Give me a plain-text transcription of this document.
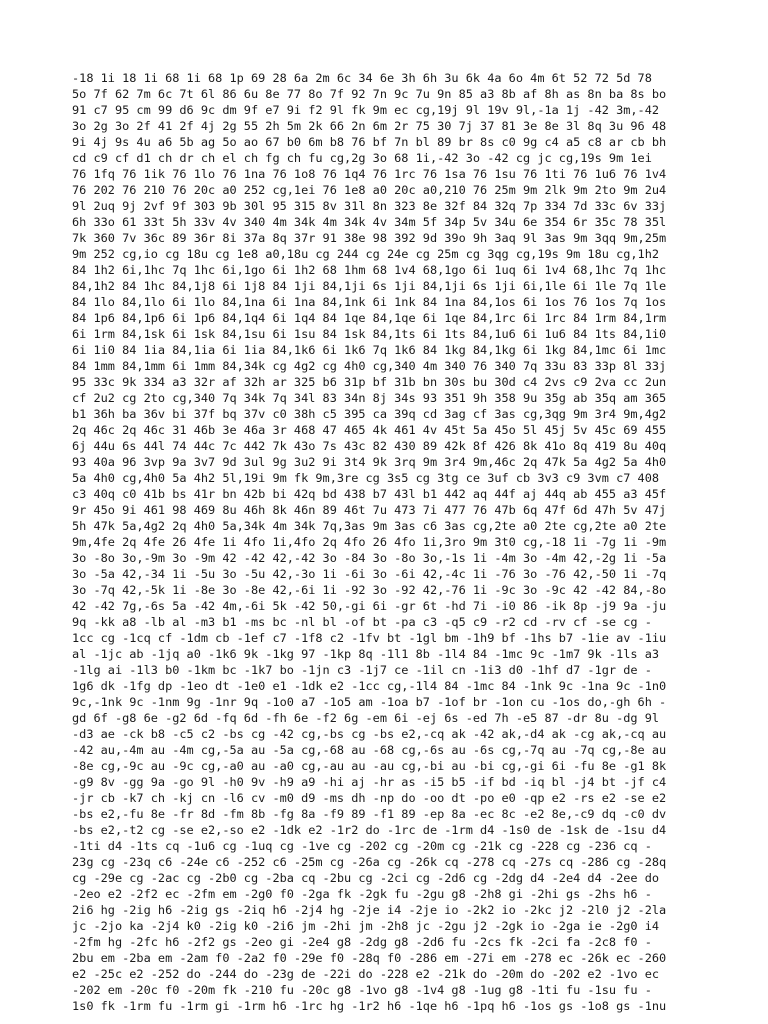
-18 1i 18 1i 68 1i 68 1p 69 28 6a 2m 6c 34 6e 3h 6h 3u 6k 4a 6o 4m 6t 52 72 5d 78
5o 7f 62 7m 6c 7t 6l 86 6u 8e 77 8o 7f 92 7n 9c 7u 9n 85 a3 8b af 8h as 8n ba 8s bo
91 c7 95 cm 99 d6 9c dm 9f e7 9i f2 9l fk 9m ec cg,19j 9l 19v 9l,-1a 1j -42 3m,-42
3o 2g 3o 2f 41 2f 4j 2g 55 2h 5m 2k 66 2n 6m 2r 75 30 7j 37 81 3e 8e 3l 8q 3u 96 48
9i 4j 9s 4u a6 5b ag 5o ao 67 b0 6m b8 76 bf 7n bl 89 br 8s c0 9g c4 a5 c8 ar cb bh
cd c9 cf d1 ch dr ch el ch fg ch fu cg,2g 3o 68 1i,-42 3o -42 cg jc cg,19s 9m 1ei
76 1fq 76 1ik 76 1lo 76 1na 76 1o8 76 1q4 76 1rc 76 1sa 76 1su 76 1ti 76 1u6 76 1v4
76 202 76 210 76 20c a0 252 cg,1ei 76 1e8 a0 20c a0,210 76 25m 9m 2lk 9m 2to 9m 2u4
9l 2uq 9j 2vf 9f 303 9b 30l 95 315 8v 31l 8n 323 8e 32f 84 32q 7p 334 7d 33c 6v 33j
6h 33o 61 33t 5h 33v 4v 340 4m 34k 4m 34k 4v 34m 5f 34p 5v 34u 6e 354 6r 35c 78 35l
7k 360 7v 36c 89 36r 8i 37a 8q 37r 91 38e 98 392 9d 39o 9h 3aq 9l 3as 9m 3qq 9m,25m
9m 252 cg,io cg 18u cg 1e8 a0,18u cg 244 cg 24e cg 25m cg 3qg cg,19s 9m 18u cg,1h2
84 1h2 6i,1hc 7q 1hc 6i,1go 6i 1h2 68 1hm 68 1v4 68,1go 6i 1uq 6i 1v4 68,1hc 7q 1hc
84,1h2 84 1hc 84,1j8 6i 1j8 84 1ji 84,1ji 6s 1ji 84,1ji 6s 1ji 6i,1le 6i 1le 7q 1le
84 1lo 84,1lo 6i 1lo 84,1na 6i 1na 84,1nk 6i 1nk 84 1na 84,1os 6i 1os 76 1os 7q 1os
84 1p6 84,1p6 6i 1p6 84,1q4 6i 1q4 84 1qe 84,1qe 6i 1qe 84,1rc 6i 1rc 84 1rm 84,1rm
6i 1rm 84,1sk 6i 1sk 84,1su 6i 1su 84 1sk 84,1ts 6i 1ts 84,1u6 6i 1u6 84 1ts 84,1i0
6i 1i0 84 1ia 84,1ia 6i 1ia 84,1k6 6i 1k6 7q 1k6 84 1kg 84,1kg 6i 1kg 84,1mc 6i 1mc
84 1mm 84,1mm 6i 1mm 84,34k cg 4g2 cg 4h0 cg,340 4m 340 76 340 7q 33u 83 33p 8l 33j
95 33c 9k 334 a3 32r af 32h ar 325 b6 31p bf 31b bn 30s bu 30d c4 2vs c9 2va cc 2un
cf 2u2 cg 2to cg,340 7q 34k 7q 34l 83 34n 8j 34s 93 351 9h 358 9u 35g ab 35q am 365
b1 36h ba 36v bi 37f bq 37v c0 38h c5 395 ca 39q cd 3ag cf 3as cg,3qg 9m 3r4 9m,4g2
2q 46c 2q 46c 31 46b 3e 46a 3r 468 47 465 4k 461 4v 45t 5a 45o 5l 45j 5v 45c 69 455
6j 44u 6s 44l 74 44c 7c 442 7k 43o 7s 43c 82 430 89 42k 8f 426 8k 41o 8q 419 8u 40q
93 40a 96 3vp 9a 3v7 9d 3ul 9g 3u2 9i 3t4 9k 3rq 9m 3r4 9m,46c 2q 47k 5a 4g2 5a 4h0
5a 4h0 cg,4h0 5a 4h2 5l,19i 9m fk 9m,3re cg 3s5 cg 3tg ce 3uf cb 3v3 c9 3vm c7 408
c3 40q c0 41b bs 41r bn 42b bi 42q bd 438 b7 43l b1 442 aq 44f aj 44q ab 455 a3 45f
9r 45o 9i 461 98 469 8u 46h 8k 46n 89 46t 7u 473 7i 477 76 47b 6q 47f 6d 47h 5v 47j
5h 47k 5a,4g2 2q 4h0 5a,34k 4m 34k 7q,3as 9m 3as c6 3as cg,2te a0 2te cg,2te a0 2te
9m,4fe 2q 4fe 26 4fe 1i 4fo 1i,4fo 2q 4fo 26 4fo 1i,3ro 9m 3t0 cg,-18 1i -7g 1i -9m
3o -8o 3o,-9m 3o -9m 42 -42 42,-42 3o -84 3o -8o 3o,-1s 1i -4m 3o -4m 42,-2g 1i -5a
3o -5a 42,-34 1i -5u 3o -5u 42,-3o 1i -6i 3o -6i 42,-4c 1i -76 3o -76 42,-50 1i -7q
3o -7q 42,-5k 1i -8e 3o -8e 42,-6i 1i -92 3o -92 42,-76 1i -9c 3o -9c 42 -42 84,-8o
42 -42 7g,-6s 5a -42 4m,-6i 5k -42 50,-gi 6i -gr 6t -hd 7i -i0 86 -ik 8p -j9 9a -ju
9q -kk a8 -lb al -m3 b1 -ms bc -nl bl -of bt -pa c3 -q5 c9 -r2 cd -rv cf -se cg -
1cc cg -1cq cf -1dm cb -1ef c7 -1f8 c2 -1fv bt -1gl bm -1h9 bf -1hs b7 -1ie av -1iu
al -1jc ab -1jq a0 -1k6 9k -1kg 97 -1kp 8q -1l1 8b -1l4 84 -1mc 9c -1m7 9k -1ls a3
-1lg ai -1l3 b0 -1km bc -1k7 bo -1jn c3 -1j7 ce -1il cn -1i3 d0 -1hf d7 -1gr de -
1g6 dk -1fg dp -1eo dt -1e0 e1 -1dk e2 -1cc cg,-1l4 84 -1mc 84 -1nk 9c -1na 9c -1n0
9c,-1nk 9c -1nm 9g -1nr 9q -1o0 a7 -1o5 am -1oa b7 -1of br -1on cu -1os do,-gh 6h -
gd 6f -g8 6e -g2 6d -fq 6d -fh 6e -f2 6g -em 6i -ej 6s -ed 7h -e5 87 -dr 8u -dg 9l
-d3 ae -ck b8 -c5 c2 -bs cg -42 cg,-bs cg -bs e2,-cq ak -42 ak,-d4 ak -cg ak,-cq au
-42 au,-4m au -4m cg,-5a au -5a cg,-68 au -68 cg,-6s au -6s cg,-7q au -7q cg,-8e au
-8e cg,-9c au -9c cg,-a0 au -a0 cg,-au au -au cg,-bi au -bi cg,-gi 6i -fu 8e -g1 8k
-g9 8v -gg 9a -go 9l -h0 9v -h9 a9 -hi aj -hr as -i5 b5 -if bd -iq bl -j4 bt -jf c4
-jr cb -k7 ch -kj cn -l6 cv -m0 d9 -ms dh -np do -oo dt -po e0 -qp e2 -rs e2 -se e2
-bs e2,-fu 8e -fr 8d -fm 8b -fg 8a -f9 89 -f1 89 -ep 8a -ec 8c -e2 8e,-c9 dq -c0 dv
-bs e2,-t2 cg -se e2,-so e2 -1dk e2 -1r2 do -1rc de -1rm d4 -1s0 de -1sk de -1su d4
-1ti d4 -1ts cq -1u6 cg -1uq cg -1ve cg -202 cg -20m cg -21k cg -228 cg -236 cq -
23g cg -23q c6 -24e c6 -252 c6 -25m cg -26a cg -26k cq -278 cq -27s cq -286 cg -28q
cg -29e cg -2ac cg -2b0 cg -2ba cq -2bu cg -2ci cg -2d6 cg -2dg d4 -2e4 d4 -2ee do
-2eo e2 -2f2 ec -2fm em -2g0 f0 -2ga fk -2gk fu -2gu g8 -2h8 gi -2hi gs -2hs h6 -
2i6 hg -2ig h6 -2ig gs -2iq h6 -2j4 hg -2je i4 -2je io -2k2 io -2kc j2 -2l0 j2 -2la
jc -2jo ka -2j4 k0 -2ig k0 -2i6 jm -2hi jm -2h8 jc -2gu j2 -2gk io -2ga ie -2g0 i4
-2fm hg -2fc h6 -2f2 gs -2eo gi -2e4 g8 -2dg g8 -2d6 fu -2cs fk -2ci fa -2c8 f0 -
2bu em -2ba em -2am f0 -2a2 f0 -29e f0 -28q f0 -286 em -27i em -278 ec -26k ec -260
e2 -25c e2 -252 do -244 do -23g de -22i do -228 e2 -21k do -20m do -202 e2 -1vo ec
-202 em -20c f0 -20m fk -210 fu -20c g8 -1vo g8 -1v4 g8 -1ug g8 -1ti fu -1su fu -
1s0 fk -1rm fu -1rm gi -1rm h6 -1rc hg -1r2 h6 -1qe h6 -1pq h6 -1os gs -1o8 gs -1nu
